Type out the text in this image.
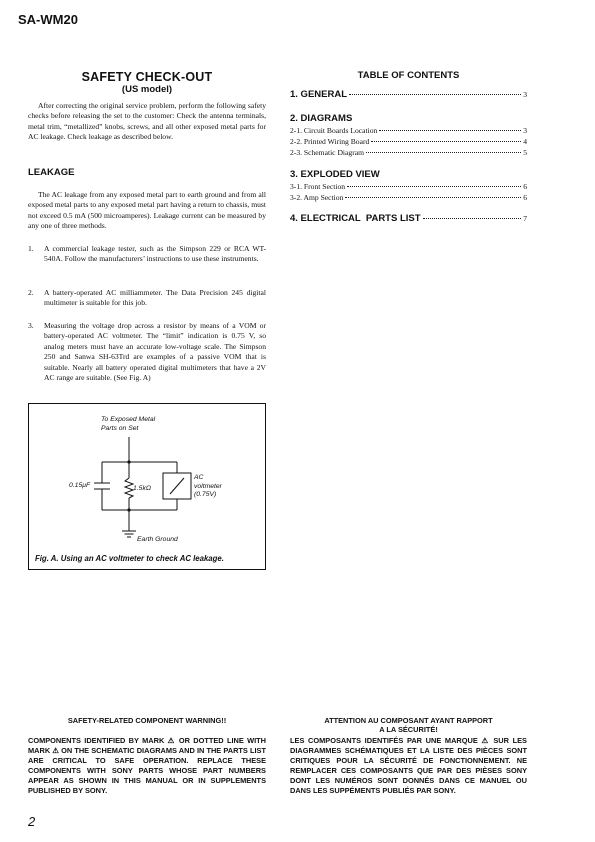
SA-WM20
SAFETY CHECK-OUT
(US model)
After correcting the original service problem, perform the following safety checks before releasing the set to the customer: Check the antenna terminals, metal trim, “metallized” knobs, screws, and all other exposed metal parts for AC leakage. Check leakage as described below.
LEAKAGE
The AC leakage from any exposed metal part to earth ground and from all exposed metal parts to any exposed metal part having a return to chassis, must not exceed 0.5 mA (500 microamperes). Leakage current can be measured by any one of three methods.
1. A commercial leakage tester, such as the Simpson 229 or RCA WT-540A. Follow the manufacturers’ instructions to use these instruments.
2. A battery-operated AC milliammeter. The Data Precision 245 digital multimeter is suitable for this job.
3. Measuring the voltage drop across a resistor by means of a VOM or battery-operated AC voltmeter. The “limit” indication is 0.75 V, so analog meters must have an accurate low-voltage scale. The Simpson 250 and Sanwa SH-63Trd are examples of a passive VOM that is suitable. Nearly all battery operated digital multimeters that have a 2V AC range are suitable. (See Fig. A)
To Exposed Metal
Parts on Set
0.15μF	1.5kΩ
AC
voltmeter
(0.75V)
Earth Ground
Fig. A. Using an AC voltmeter to check AC leakage.
TABLE OF CONTENTS
1. GENERAL	3
2. DIAGRAMS
2-1. Circuit Boards Location	3
2-2. Printed Wiring Board	4
2-3. Schematic Diagram	5
3. EXPLODED VIEW
3-1. Front Section	6
3-2. Amp Section	6
4. ELECTRICAL  PARTS LIST	7
SAFETY-RELATED COMPONENT WARNING!!
COMPONENTS IDENTIFIED BY MARK ⚠ OR DOTTED LINE WITH MARK ⚠ ON THE SCHEMATIC DIAGRAMS AND IN THE PARTS LIST ARE CRITICAL TO SAFE OPERATION. REPLACE THESE COMPONENTS WITH SONY PARTS WHOSE PART NUMBERS APPEAR AS SHOWN IN THIS MANUAL OR IN SUPPLEMENTS PUBLISHED BY SONY.
ATTENTION AU COMPOSANT AYANT RAPPORT
A LA SÉCURITÉ!
LES COMPOSANTS IDENTIFÉS PAR UNE MARQUE ⚠ SUR LES DIAGRAMMES SCHÉMATIQUES ET LA LISTE DES PIÈCES SONT CRITIQUES POUR LA SÉCURITÉ DE FONCTIONNEMENT. NE REMPLACER CES COMPOSANTS QUE PAR DES PIÈSES SONY DONT LES NUMÉROS SONT DONNÉS DANS CE MANUEL OU DANS LES SUPPÉMENTS PUBLIÉS PAR SONY.
2
